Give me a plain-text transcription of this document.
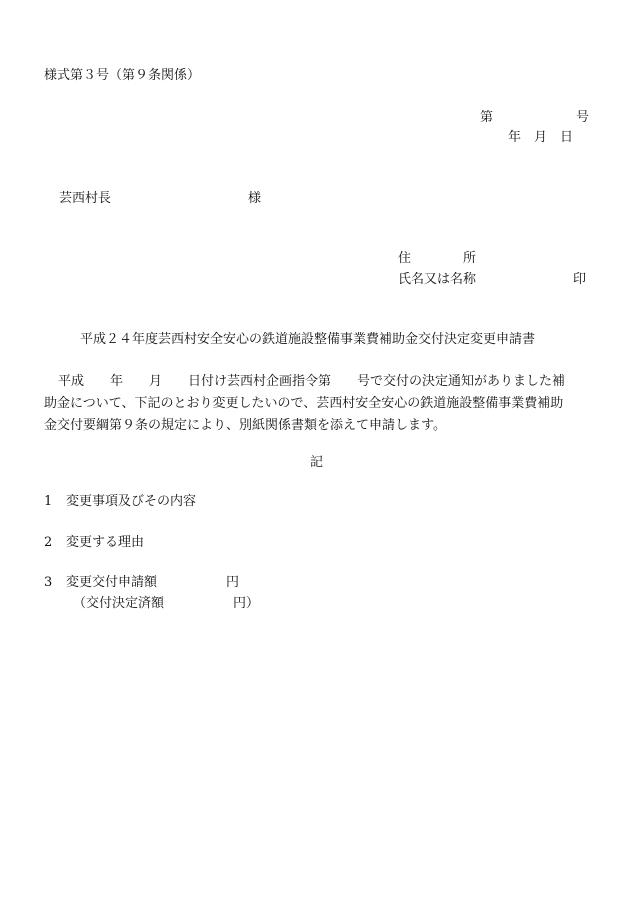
様式第３号（第９条関係）
第	号
年　月　日
芸西村長	様
住　　　　所
氏名又は名称	印
平成２４年度芸西村安全安心の鉄道施設整備事業費補助金交付決定変更申請書
平成　　年　　月　　日付け芸西村企画指令第　　号で交付の決定通知がありました補
助金について、下記のとおり変更したいので、芸西村安全安心の鉄道施設整備事業費補助
金交付要綱第９条の規定により、別紙関係書類を添えて申請します。
記
1 変更事項及びその内容
2 変更する理由
3 変更交付申請額	円
（交付決定済額	円）
